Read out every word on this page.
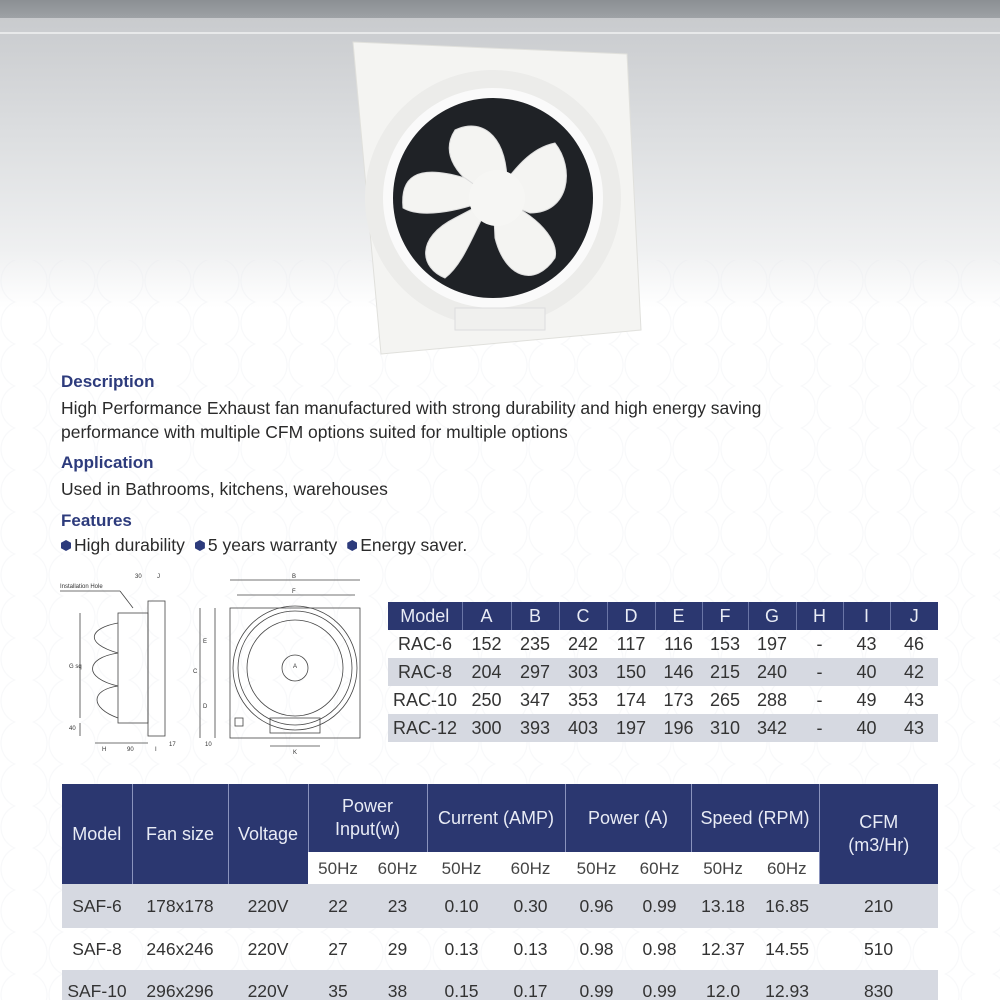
Description
High Performance Exhaust fan manufactured with strong durability and high energy saving
performance with multiple CFM options suited for multiple options
Application
Used in Bathrooms, kitchens, warehouses
Features
High durability 5 years warranty Energy saver.
Installation Hole
30	J
G sq
40
H	90	I
17
B
F
E
C
D
A
K
10
Model	A	B	C	D	E	F	G	H	I	J
RAC-6	152	235	242	117	116	153	197	-	43	46
RAC-8	204	297	303	150	146	215	240	-	40	42
RAC-10	250	347	353	174	173	265	288	-	49	43
RAC-12	300	393	403	197	196	310	342	-	40	43
Model	Fan size	Voltage	Power Input(w)		Current (AMP)		Power (A)		Speed (RPM)		CFM (m3/Hr)

			50Hz	60Hz	50Hz	60Hz	50Hz	60Hz	50Hz	60Hz	
SAF-6	178x178	220V	22	23	0.10	0.30	0.96	0.99	13.18	16.85	210
SAF-8	246x246	220V	27	29	0.13	0.13	0.98	0.98	12.37	14.55	510
SAF-10	296x296	220V	35	38	0.15	0.17	0.99	0.99	12.0	12.93	830
